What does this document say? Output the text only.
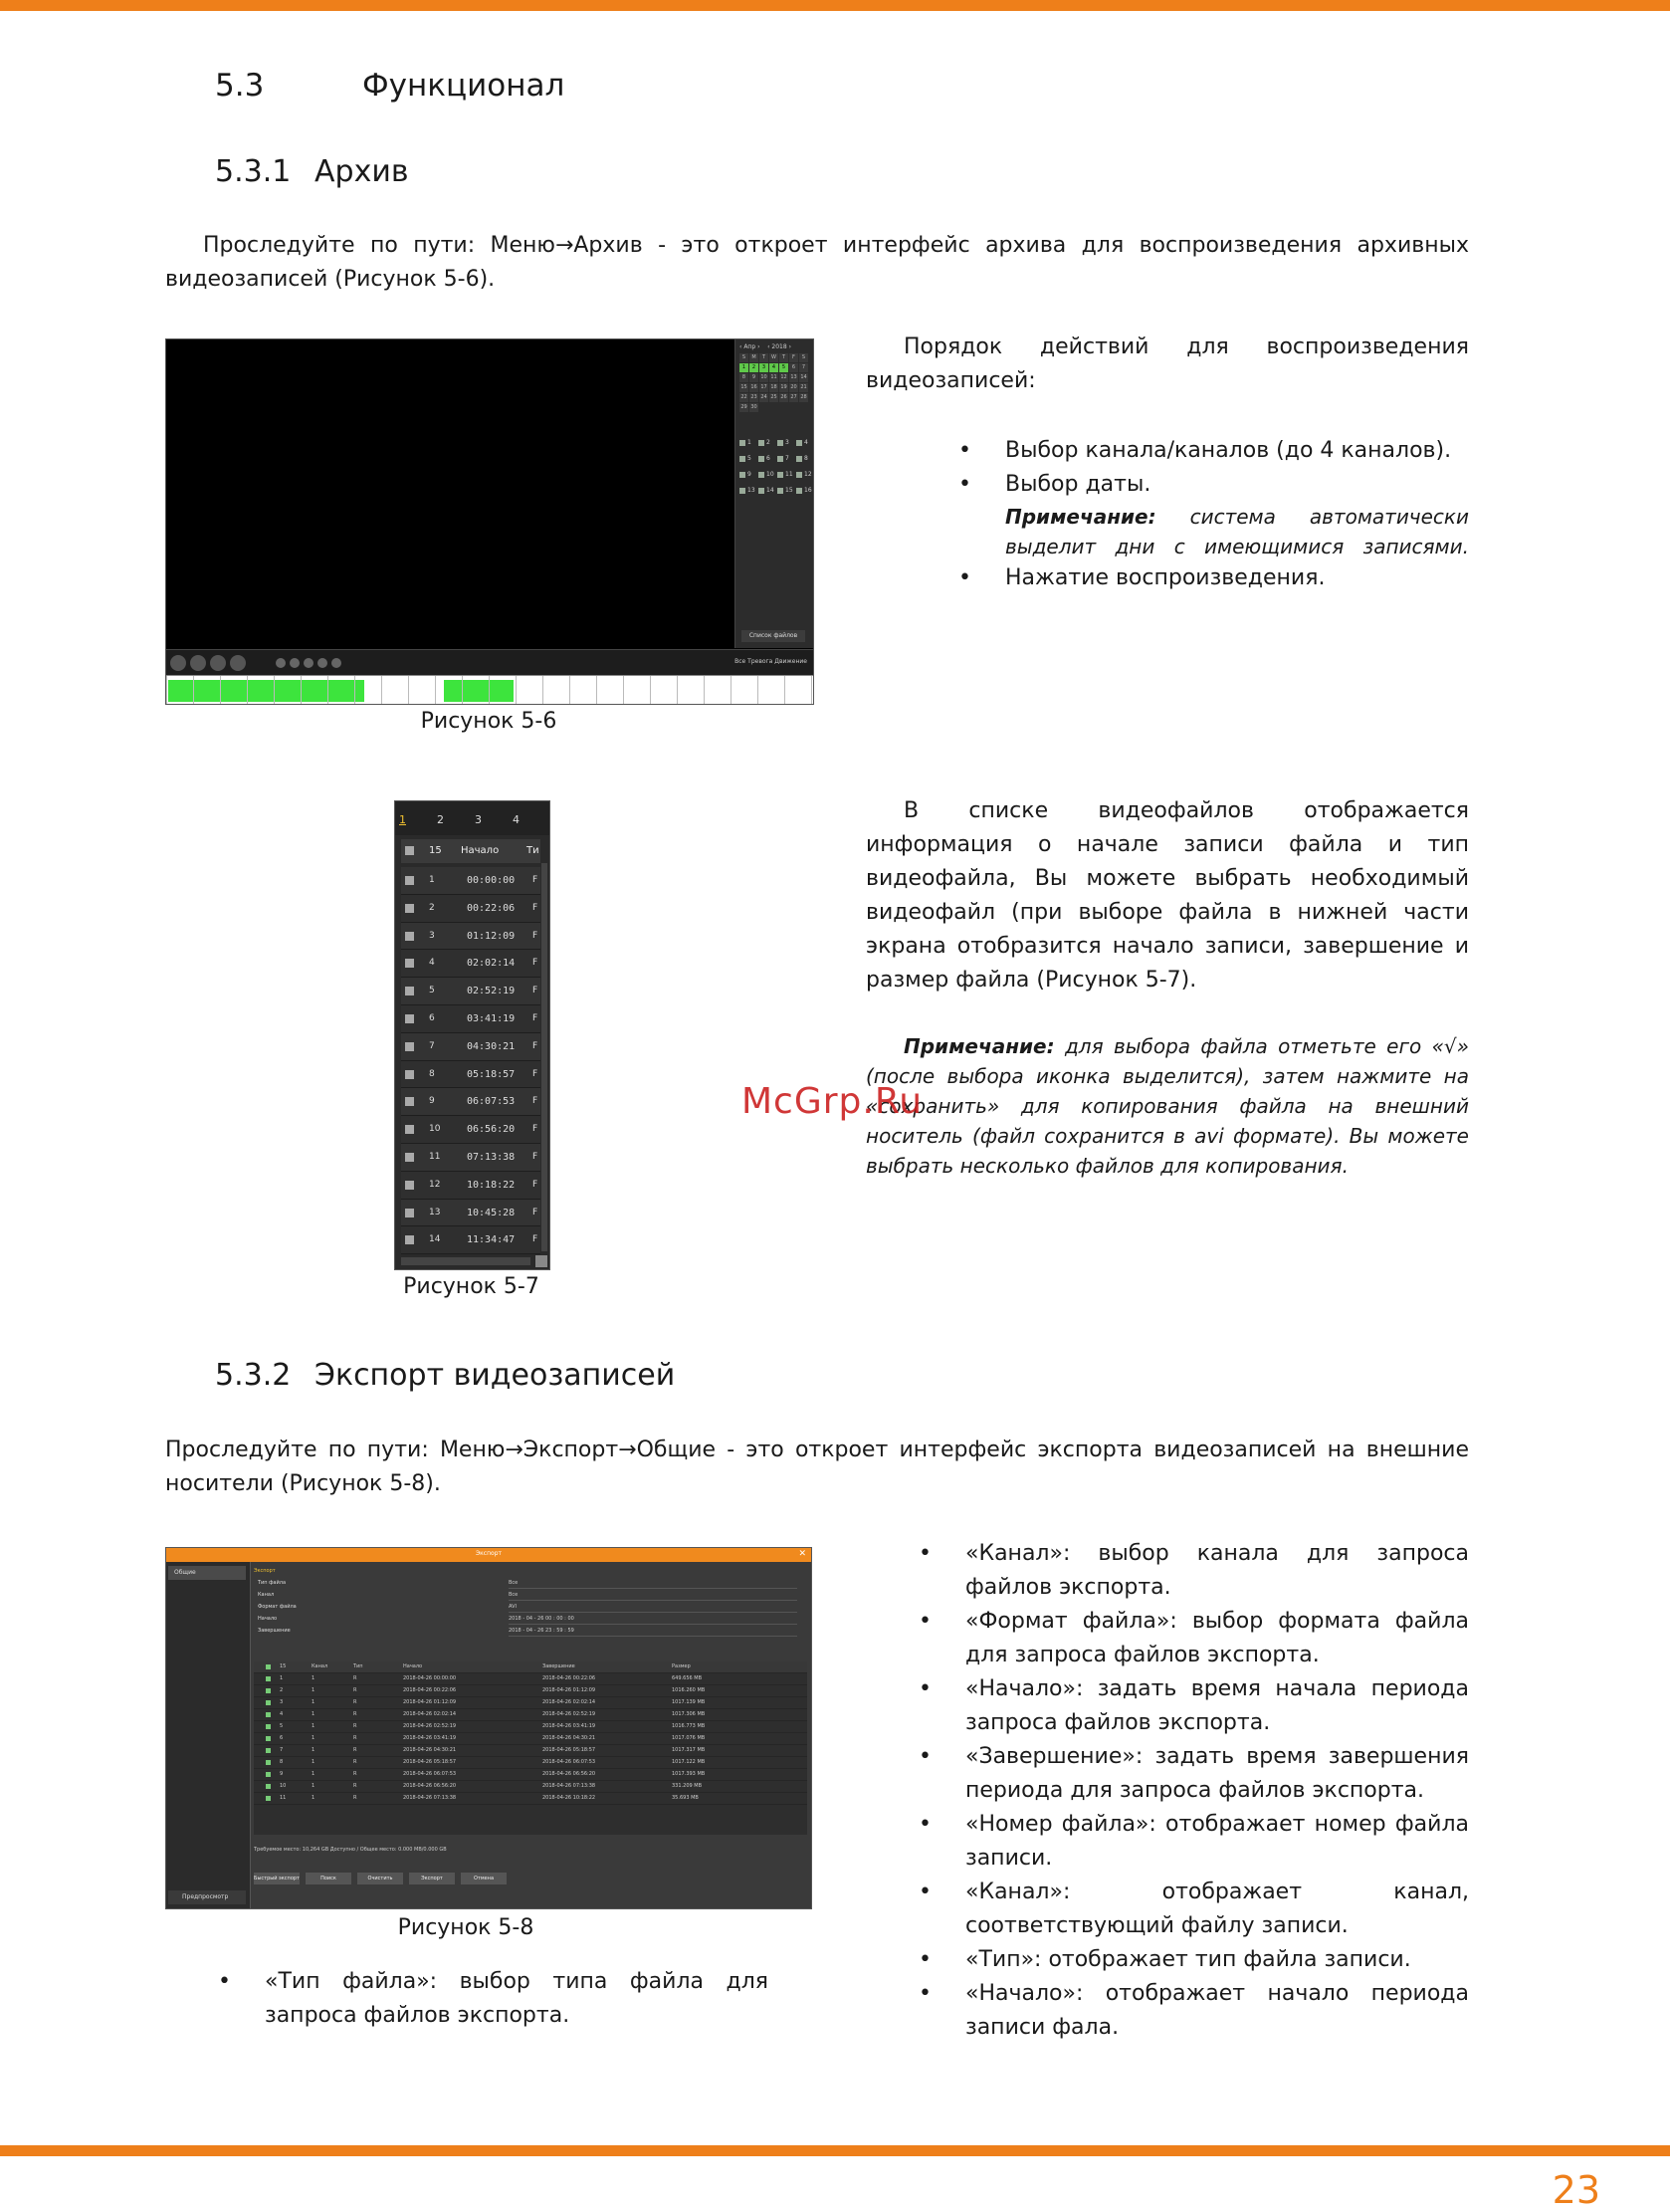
5.3	Функционал
5.3.1 Архив
Проследуйте по пути: Меню→Архив - это откроет интерфейс архива для воспроизведения архивных видеозаписей (Рисунок 5-6).
‹ Апр ›    ‹ 2018 ›
S	M	T	W	T	F	S
1	2	3	4	5	6	7
8	9	10 11 12 13 14
15 16 17 18 19 20 21
22 23 24 25 26 27 28
29 30
1	2	3	4
5	6	7	8
9	10	11	12
13	14	15	16
Список файлов
Все Тревога Движение
Рисунок 5-6
Порядок действий для воспроизведения видеозаписей:
• Выбор канала/каналов (до 4 каналов).
• Выбор даты.
Примечание: система автоматически выделит дни с имеющимися записями.
• Нажатие воспроизведения.
1	2	3	4
15 Начало	Ти
1	00:00:00 F
2	00:22:06 F
3	01:12:09 F
4	02:02:14 F
5	02:52:19 F
6	03:41:19 F
7	04:30:21 F
8	05:18:57 F
9	06:07:53 F
10	06:56:20 F
11	07:13:38 F
12	10:18:22 F
13	10:45:28 F
14	11:34:47 F
Рисунок 5-7
В списке видеофайлов отображается информация о начале записи файла и тип видеофайла, Вы можете выбрать необходимый видеофайл (при выборе файла в нижней части экрана отобразится начало записи, завершение и размер файла (Рисунок 5-7).
Примечание: для выбора файла отметьте его «√» (после выбора иконка выделится), затем нажмите на «сохранить» для копирования файла на внешний носитель (файл сохранится в avi формате). Вы можете выбрать несколько файлов для копирования.
McGrp.Ru
5.3.2 Экспорт видеозаписей
Проследуйте по пути: Меню→Экспорт→Общие - это откроет интерфейс экспорта видеозаписей на внешние носители (Рисунок 5-8).
Экспорт	✕
Общие
Предпросмотр
Экспорт
Тип файла	Все
Канал	Все
Формат файла	AVI
Начало	2018 - 04 - 26 00 : 00 : 00
Завершение	2018 - 04 - 26 23 : 59 : 59
15	Канал	Тип	Начало	Завершение	Размер
1	1	R	2018-04-26 00:00:00	2018-04-26 00:22:06	649.656 MB
2	1	R	2018-04-26 00:22:06	2018-04-26 01:12:09	1016.260 MB
3	1	R	2018-04-26 01:12:09	2018-04-26 02:02:14	1017.139 MB
4	1	R	2018-04-26 02:02:14	2018-04-26 02:52:19	1017.306 MB
5	1	R	2018-04-26 02:52:19	2018-04-26 03:41:19	1016.773 MB
6	1	R	2018-04-26 03:41:19	2018-04-26 04:30:21	1017.076 MB
7	1	R	2018-04-26 04:30:21	2018-04-26 05:18:57	1017.317 MB
8	1	R	2018-04-26 05:18:57	2018-04-26 06:07:53	1017.122 MB
9	1	R	2018-04-26 06:07:53	2018-04-26 06:56:20	1017.393 MB
10	1	R	2018-04-26 06:56:20	2018-04-26 07:13:38	331.209 MB
11	1	R	2018-04-26 07:13:38	2018-04-26 10:18:22	35.693 MB
Требуемое место: 10,264 GB Доступно / Общее место: 0.000 MB/0.000 GB
Быстрый экспорт	Поиск	Очистить	Экспорт	Отмена
Рисунок 5-8
• «Тип файла»: выбор типа файла для запроса файлов экспорта.
• «Канал»: выбор канала для запроса файлов экспорта.
• «Формат файла»: выбор формата файла для запроса файлов экспорта.
• «Начало»: задать время начала периода запроса файлов экспорта.
• «Завершение»: задать время завершения периода для запроса файлов экспорта.
• «Номер файла»: отображает номер файла записи.
• «Канал»: отображает канал, соответствующий файлу записи.
• «Тип»: отображает тип файла записи.
• «Начало»: отображает начало периода записи фала.
23
